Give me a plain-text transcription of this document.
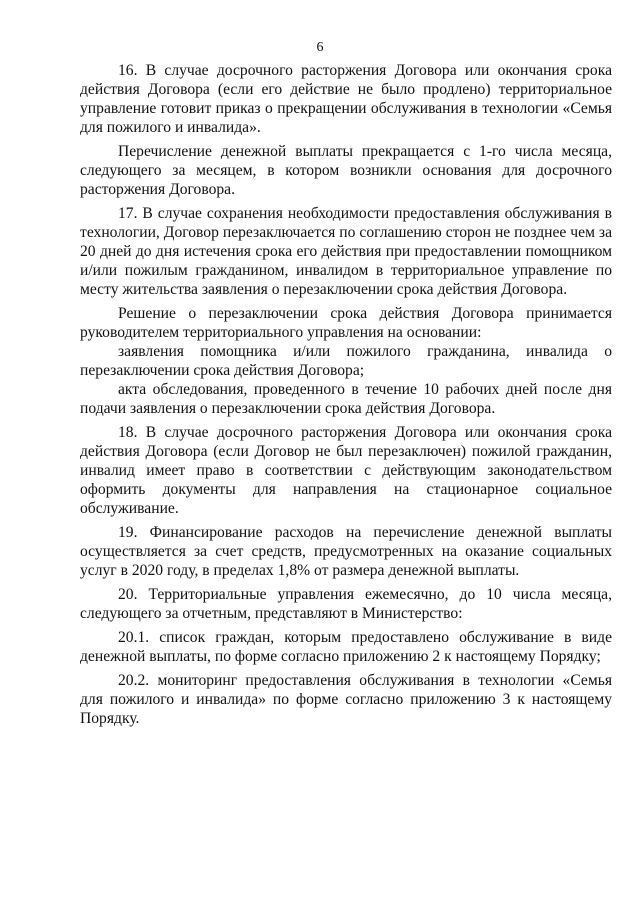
6

16. В случае досрочного расторжения Договора или окончания срока действия Договора (если его действие не было продлено) территориальное управление готовит приказ о прекращении обслуживания в технологии «Семья для пожилого и инвалида».

Перечисление денежной выплаты прекращается с 1-го числа месяца, следующего за месяцем, в котором возникли основания для досрочного расторжения Договора.

17. В случае сохранения необходимости предоставления обслуживания в технологии, Договор перезаключается по соглашению сторон не позднее чем за 20 дней до дня истечения срока его действия при предоставлении помощником и/или пожилым гражданином, инвалидом в территориальное управление по месту жительства заявления о перезаключении срока действия Договора.

Решение о перезаключении срока действия Договора принимается руководителем территориального управления на основании:

заявления помощника и/или пожилого гражданина, инвалида о перезаключении срока действия Договора;

акта обследования, проведенного в течение 10 рабочих дней после дня подачи заявления о перезаключении срока действия Договора.

18. В случае досрочного расторжения Договора или окончания срока действия Договора (если Договор не был перезаключен) пожилой гражданин, инвалид имеет право в соответствии с действующим законодательством оформить документы для направления на стационарное социальное обслуживание.

19. Финансирование расходов на перечисление денежной выплаты осуществляется за счет средств, предусмотренных на оказание социальных услуг в 2020 году, в пределах 1,8% от размера денежной выплаты.

20. Территориальные управления ежемесячно, до 10 числа месяца, следующего за отчетным, представляют в Министерство:

20.1. список граждан, которым предоставлено обслуживание в виде денежной выплаты, по форме согласно приложению 2 к настоящему Порядку;

20.2. мониторинг предоставления обслуживания в технологии «Семья для пожилого и инвалида» по форме согласно приложению 3 к настоящему Порядку.
